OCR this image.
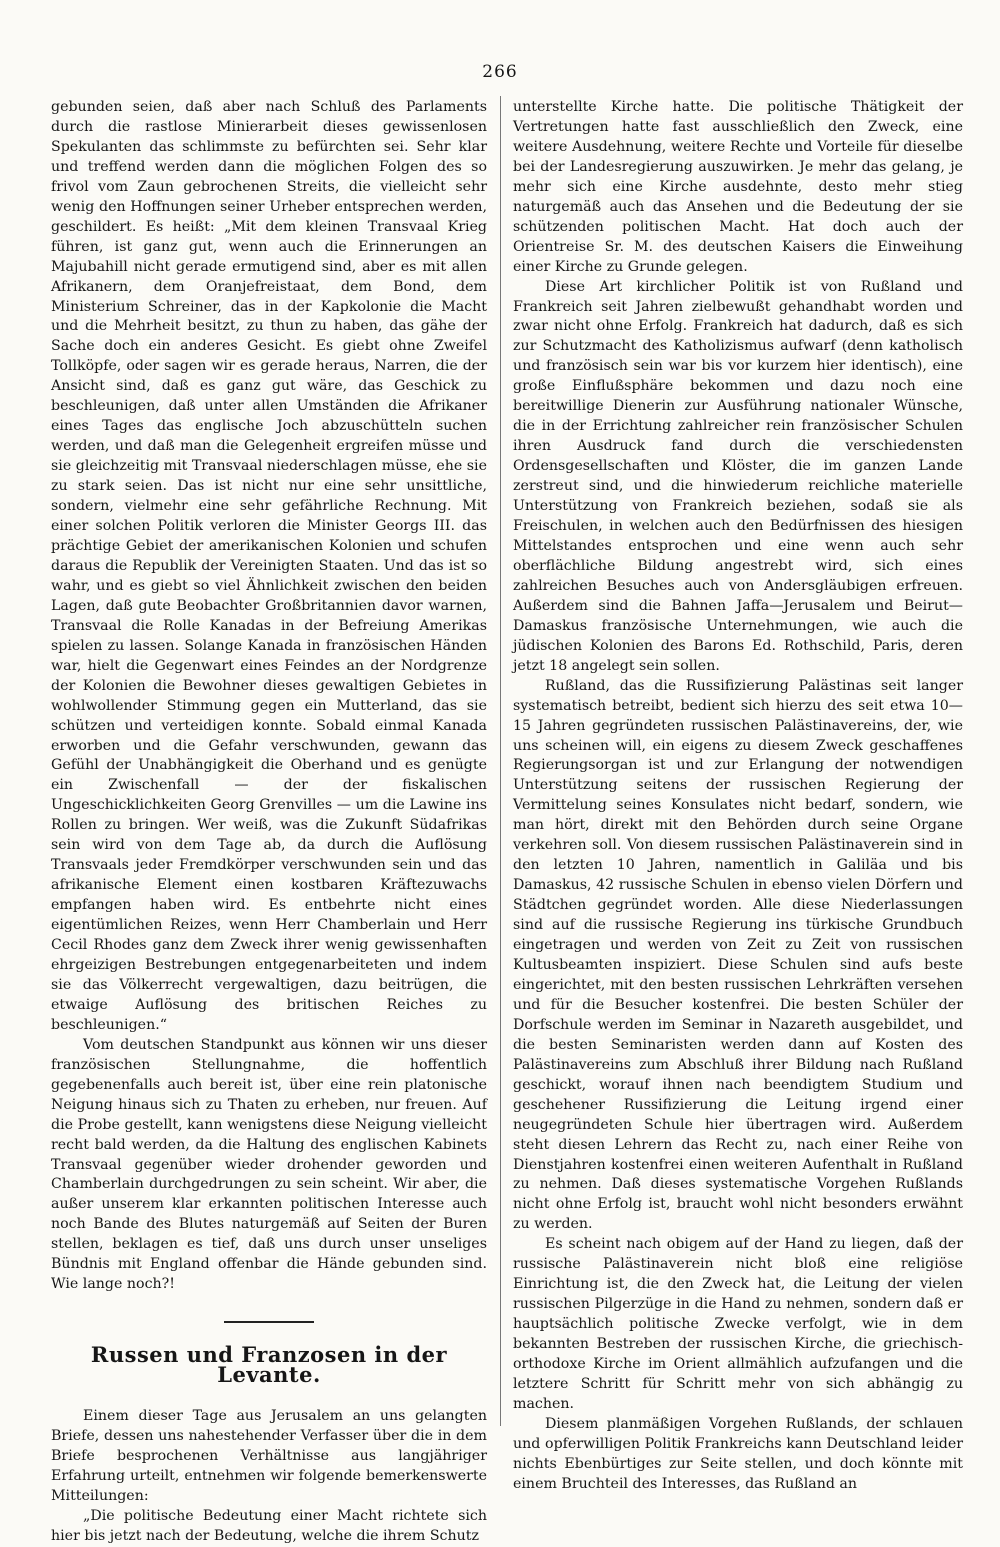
266

gebunden seien, daß aber nach Schluß des Parlaments durch die rastlose Minierarbeit dieses gewissenlosen Spekulanten das schlimmste zu befürchten sei. Sehr klar und treffend werden dann die möglichen Folgen des so frivol vom Zaun gebrochenen Streits, die vielleicht sehr wenig den Hoffnungen seiner Urheber entsprechen werden, geschildert. Es heißt: „Mit dem kleinen Transvaal Krieg führen, ist ganz gut, wenn auch die Erinnerungen an Majubahill nicht gerade ermutigend sind, aber es mit allen Afrikanern, dem Oranjefreistaat, dem Bond, dem Ministerium Schreiner, das in der Kapkolonie die Macht und die Mehrheit besitzt, zu thun zu haben, das gähe der Sache doch ein anderes Gesicht. Es giebt ohne Zweifel Tollköpfe, oder sagen wir es gerade heraus, Narren, die der Ansicht sind, daß es ganz gut wäre, das Geschick zu beschleunigen, daß unter allen Umständen die Afrikaner eines Tages das englische Joch abzuschütteln suchen werden, und daß man die Gelegenheit ergreifen müsse und sie gleichzeitig mit Transvaal niederschlagen müsse, ehe sie zu stark seien. Das ist nicht nur eine sehr unsittliche, sondern, vielmehr eine sehr gefährliche Rechnung. Mit einer solchen Politik verloren die Minister Georgs III. das prächtige Gebiet der amerikanischen Kolonien und schufen daraus die Republik der Vereinigten Staaten. Und das ist so wahr, und es giebt so viel Ähnlichkeit zwischen den beiden Lagen, daß gute Beobachter Großbritannien davor warnen, Transvaal die Rolle Kanadas in der Befreiung Amerikas spielen zu lassen. Solange Kanada in französischen Händen war, hielt die Gegenwart eines Feindes an der Nordgrenze der Kolonien die Bewohner dieses gewaltigen Gebietes in wohlwollender Stimmung gegen ein Mutterland, das sie schützen und verteidigen konnte. Sobald einmal Kanada erworben und die Gefahr verschwunden, gewann das Gefühl der Unabhängigkeit die Oberhand und es genügte ein Zwischenfall — der der fiskalischen Ungeschicklichkeiten Georg Grenvilles — um die Lawine ins Rollen zu bringen. Wer weiß, was die Zukunft Südafrikas sein wird von dem Tage ab, da durch die Auflösung Transvaals jeder Fremdkörper verschwunden sein und das afrikanische Element einen kostbaren Kräftezuwachs empfangen haben wird. Es entbehrte nicht eines eigentümlichen Reizes, wenn Herr Chamberlain und Herr Cecil Rhodes ganz dem Zweck ihrer wenig gewissenhaften ehrgeizigen Bestrebungen entgegenarbeiteten und indem sie das Völkerrecht vergewaltigen, dazu beitrügen, die etwaige Auflösung des britischen Reiches zu beschleunigen.“

Vom deutschen Standpunkt aus können wir uns dieser französischen Stellungnahme, die hoffentlich gegebenenfalls auch bereit ist, über eine rein platonische Neigung hinaus sich zu Thaten zu erheben, nur freuen. Auf die Probe gestellt, kann wenigstens diese Neigung vielleicht recht bald werden, da die Haltung des englischen Kabinets Transvaal gegenüber wieder drohender geworden und Chamberlain durchgedrungen zu sein scheint. Wir aber, die außer unserem klar erkannten politischen Interesse auch noch Bande des Blutes naturgemäß auf Seiten der Buren stellen, beklagen es tief, daß uns durch unser unseliges Bündnis mit England offenbar die Hände gebunden sind. Wie lange noch?!

Russen und Franzosen in der Levante.

Einem dieser Tage aus Jerusalem an uns gelangten Briefe, dessen uns nahestehender Verfasser über die in dem Briefe besprochenen Verhältnisse aus langjähriger Erfahrung urteilt, entnehmen wir folgende bemerkenswerte Mitteilungen:

„Die politische Bedeutung einer Macht richtete sich hier bis jetzt nach der Bedeutung, welche die ihrem Schutz

unterstellte Kirche hatte. Die politische Thätigkeit der Vertretungen hatte fast ausschließlich den Zweck, eine weitere Ausdehnung, weitere Rechte und Vorteile für dieselbe bei der Landesregierung auszuwirken. Je mehr das gelang, je mehr sich eine Kirche ausdehnte, desto mehr stieg naturgemäß auch das Ansehen und die Bedeutung der sie schützenden politischen Macht. Hat doch auch der Orientreise Sr. M. des deutschen Kaisers die Einweihung einer Kirche zu Grunde gelegen.

Diese Art kirchlicher Politik ist von Rußland und Frankreich seit Jahren zielbewußt gehandhabt worden und zwar nicht ohne Erfolg. Frankreich hat dadurch, daß es sich zur Schutzmacht des Katholizismus aufwarf (denn katholisch und französisch sein war bis vor kurzem hier identisch), eine große Einflußsphäre bekommen und dazu noch eine bereitwillige Dienerin zur Ausführung nationaler Wünsche, die in der Errichtung zahlreicher rein französischer Schulen ihren Ausdruck fand durch die verschiedensten Ordensgesellschaften und Klöster, die im ganzen Lande zerstreut sind, und die hinwiederum reichliche materielle Unterstützung von Frankreich beziehen, sodaß sie als Freischulen, in welchen auch den Bedürfnissen des hiesigen Mittelstandes entsprochen und eine wenn auch sehr oberflächliche Bildung angestrebt wird, sich eines zahlreichen Besuches auch von Andersgläubigen erfreuen. Außerdem sind die Bahnen Jaffa—Jerusalem und Beirut—Damaskus französische Unternehmungen, wie auch die jüdischen Kolonien des Barons Ed. Rothschild, Paris, deren jetzt 18 angelegt sein sollen.

Rußland, das die Russifizierung Palästinas seit langer systematisch betreibt, bedient sich hierzu des seit etwa 10—15 Jahren gegründeten russischen Palästinavereins, der, wie uns scheinen will, ein eigens zu diesem Zweck geschaffenes Regierungsorgan ist und zur Erlangung der notwendigen Unterstützung seitens der russischen Regierung der Vermittelung seines Konsulates nicht bedarf, sondern, wie man hört, direkt mit den Behörden durch seine Organe verkehren soll. Von diesem russischen Palästinaverein sind in den letzten 10 Jahren, namentlich in Galiläa und bis Damaskus, 42 russische Schulen in ebenso vielen Dörfern und Städtchen gegründet worden. Alle diese Niederlassungen sind auf die russische Regierung ins türkische Grundbuch eingetragen und werden von Zeit zu Zeit von russischen Kultusbeamten inspiziert. Diese Schulen sind aufs beste eingerichtet, mit den besten russischen Lehrkräften versehen und für die Besucher kostenfrei. Die besten Schüler der Dorfschule werden im Seminar in Nazareth ausgebildet, und die besten Seminaristen werden dann auf Kosten des Palästinavereins zum Abschluß ihrer Bildung nach Rußland geschickt, worauf ihnen nach beendigtem Studium und geschehener Russifizierung die Leitung irgend einer neugegründeten Schule hier übertragen wird. Außerdem steht diesen Lehrern das Recht zu, nach einer Reihe von Dienstjahren kostenfrei einen weiteren Aufenthalt in Rußland zu nehmen. Daß dieses systematische Vorgehen Rußlands nicht ohne Erfolg ist, braucht wohl nicht besonders erwähnt zu werden.

Es scheint nach obigem auf der Hand zu liegen, daß der russische Palästinaverein nicht bloß eine religiöse Einrichtung ist, die den Zweck hat, die Leitung der vielen russischen Pilgerzüge in die Hand zu nehmen, sondern daß er hauptsächlich politische Zwecke verfolgt, wie in dem bekannten Bestreben der russischen Kirche, die griechisch-orthodoxe Kirche im Orient allmählich aufzufangen und die letztere Schritt für Schritt mehr von sich abhängig zu machen.

Diesem planmäßigen Vorgehen Rußlands, der schlauen und opferwilligen Politik Frankreichs kann Deutschland leider nichts Ebenbürtiges zur Seite stellen, und doch könnte mit einem Bruchteil des Interesses, das Rußland an
